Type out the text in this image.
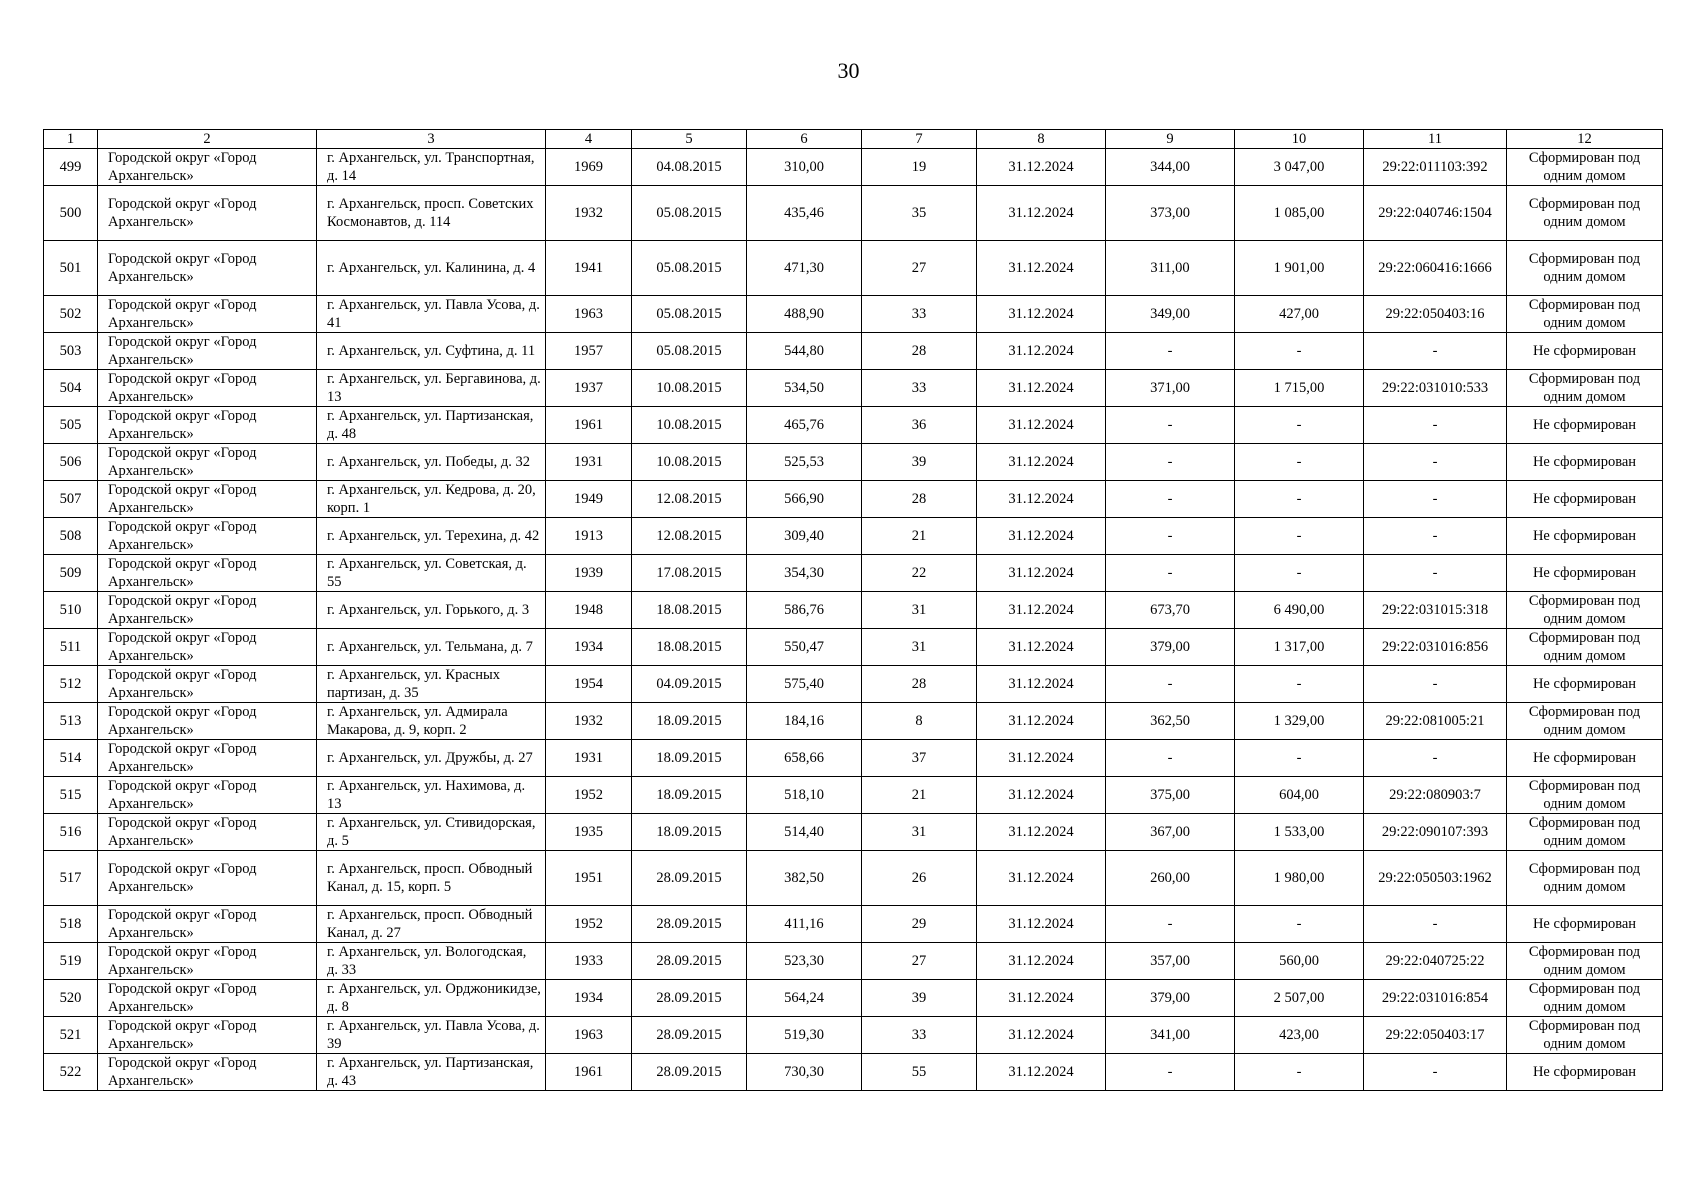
30
1	2	3	4	5	6	7	8	9	10	11	12
499	Городской округ «Город Архангельск»	г. Архангельск, ул. Транспортная, д. 14	1969	04.08.2015	310,00	19	31.12.2024	344,00	3 047,00	29:22:011103:392	Сформирован под одним домом
500	Городской округ «Город Архангельск»	г. Архангельск, просп. Советских Космонавтов, д. 114	1932	05.08.2015	435,46	35	31.12.2024	373,00	1 085,00	29:22:040746:1504	Сформирован под одним домом
501	Городской округ «Город Архангельск»	г. Архангельск, ул. Калинина, д. 4	1941	05.08.2015	471,30	27	31.12.2024	311,00	1 901,00	29:22:060416:1666	Сформирован под одним домом
502	Городской округ «Город Архангельск»	г. Архангельск, ул. Павла Усова, д. 41	1963	05.08.2015	488,90	33	31.12.2024	349,00	427,00	29:22:050403:16	Сформирован под одним домом
503	Городской округ «Город Архангельск»	г. Архангельск, ул. Суфтина, д. 11	1957	05.08.2015	544,80	28	31.12.2024	-	-	-	Не сформирован
504	Городской округ «Город Архангельск»	г. Архангельск, ул. Бергавинова, д. 13	1937	10.08.2015	534,50	33	31.12.2024	371,00	1 715,00	29:22:031010:533	Сформирован под одним домом
505	Городской округ «Город Архангельск»	г. Архангельск, ул. Партизанская, д. 48	1961	10.08.2015	465,76	36	31.12.2024	-	-	-	Не сформирован
506	Городской округ «Город Архангельск»	г. Архангельск, ул. Победы, д. 32	1931	10.08.2015	525,53	39	31.12.2024	-	-	-	Не сформирован
507	Городской округ «Город Архангельск»	г. Архангельск, ул. Кедрова, д. 20, корп. 1	1949	12.08.2015	566,90	28	31.12.2024	-	-	-	Не сформирован
508	Городской округ «Город Архангельск»	г. Архангельск, ул. Терехина, д. 42	1913	12.08.2015	309,40	21	31.12.2024	-	-	-	Не сформирован
509	Городской округ «Город Архангельск»	г. Архангельск, ул. Советская, д. 55	1939	17.08.2015	354,30	22	31.12.2024	-	-	-	Не сформирован
510	Городской округ «Город Архангельск»	г. Архангельск, ул. Горького, д. 3	1948	18.08.2015	586,76	31	31.12.2024	673,70	6 490,00	29:22:031015:318	Сформирован под одним домом
511	Городской округ «Город Архангельск»	г. Архангельск, ул. Тельмана, д. 7	1934	18.08.2015	550,47	31	31.12.2024	379,00	1 317,00	29:22:031016:856	Сформирован под одним домом
512	Городской округ «Город Архангельск»	г. Архангельск, ул. Красных партизан, д. 35	1954	04.09.2015	575,40	28	31.12.2024	-	-	-	Не сформирован
513	Городской округ «Город Архангельск»	г. Архангельск, ул. Адмирала Макарова, д. 9, корп. 2	1932	18.09.2015	184,16	8	31.12.2024	362,50	1 329,00	29:22:081005:21	Сформирован под одним домом
514	Городской округ «Город Архангельск»	г. Архангельск, ул. Дружбы, д. 27	1931	18.09.2015	658,66	37	31.12.2024	-	-	-	Не сформирован
515	Городской округ «Город Архангельск»	г. Архангельск, ул. Нахимова, д. 13	1952	18.09.2015	518,10	21	31.12.2024	375,00	604,00	29:22:080903:7	Сформирован под одним домом
516	Городской округ «Город Архангельск»	г. Архангельск, ул. Стивидорская, д. 5	1935	18.09.2015	514,40	31	31.12.2024	367,00	1 533,00	29:22:090107:393	Сформирован под одним домом
517	Городской округ «Город Архангельск»	г. Архангельск, просп. Обводный Канал, д. 15, корп. 5	1951	28.09.2015	382,50	26	31.12.2024	260,00	1 980,00	29:22:050503:1962	Сформирован под одним домом
518	Городской округ «Город Архангельск»	г. Архангельск, просп. Обводный Канал, д. 27	1952	28.09.2015	411,16	29	31.12.2024	-	-	-	Не сформирован
519	Городской округ «Город Архангельск»	г. Архангельск, ул. Вологодская, д. 33	1933	28.09.2015	523,30	27	31.12.2024	357,00	560,00	29:22:040725:22	Сформирован под одним домом
520	Городской округ «Город Архангельск»	г. Архангельск, ул. Орджоникидзе, д. 8	1934	28.09.2015	564,24	39	31.12.2024	379,00	2 507,00	29:22:031016:854	Сформирован под одним домом
521	Городской округ «Город Архангельск»	г. Архангельск, ул. Павла Усова, д. 39	1963	28.09.2015	519,30	33	31.12.2024	341,00	423,00	29:22:050403:17	Сформирован под одним домом
522	Городской округ «Город Архангельск»	г. Архангельск, ул. Партизанская, д. 43	1961	28.09.2015	730,30	55	31.12.2024	-	-	-	Не сформирован
